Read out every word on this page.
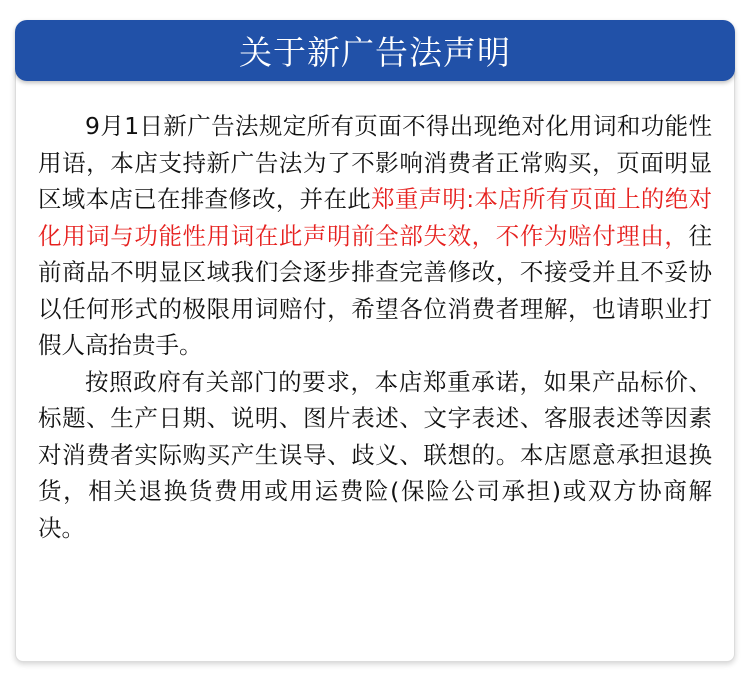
关于新广告法声明

9月1日新广告法规定所有页面不得出现绝对化用词和功能性用语，本店支持新广告法为了不影响消费者正常购买，页面明显区域本店已在排查修改，并在此郑重声明:本店所有页面上的绝对化用词与功能性用词在此声明前全部失效，不作为赔付理由，往前商品不明显区域我们会逐步排查完善修改，不接受并且不妥协以任何形式的极限用词赔付，希望各位消费者理解，也请职业打假人高抬贵手。

按照政府有关部门的要求，本店郑重承诺，如果产品标价、标题、生产日期、说明、图片表述、文字表述、客服表述等因素对消费者实际购买产生误导、歧义、联想的。本店愿意承担退换货，相关退换货费用或用运费险(保险公司承担)或双方协商解决。
